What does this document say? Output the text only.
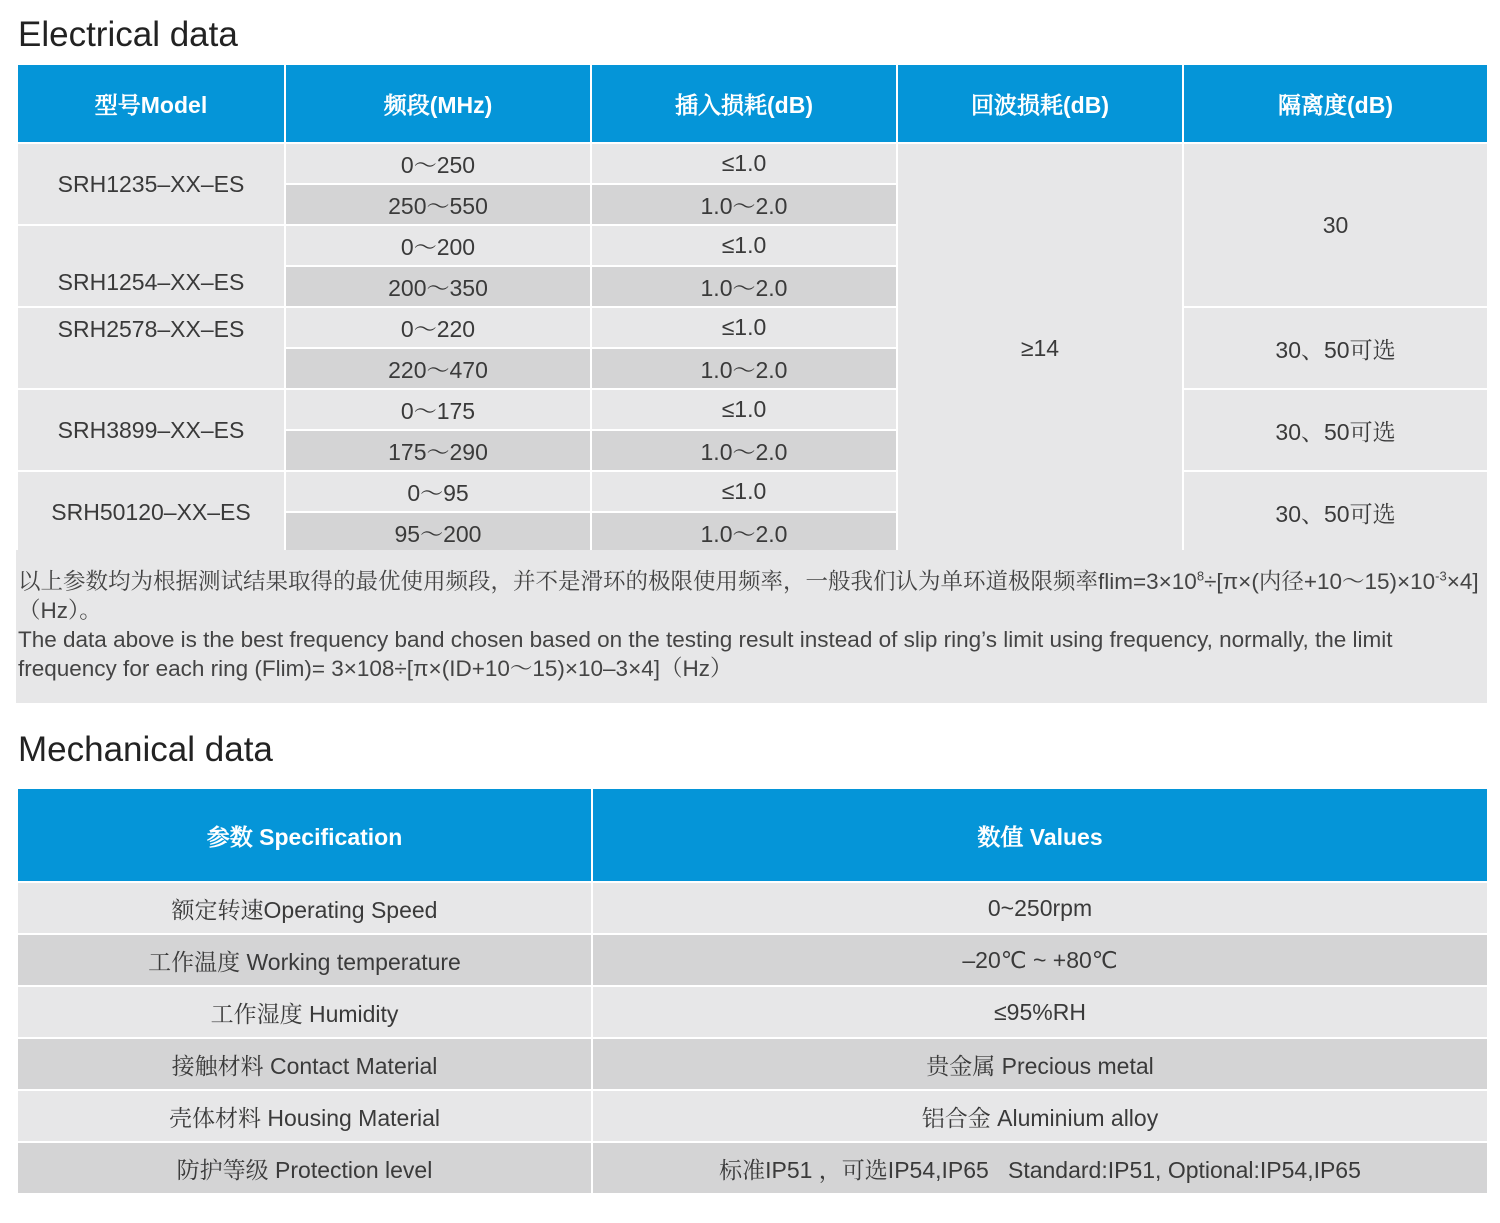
Electrical data
型号Model	频段(MHz)	插入损耗(dB)	回波损耗(dB)	隔离度(dB)
SRH1235–XX–ES	0～250	≤1.0	≥14	30
	250～550	1.0～2.0		
SRH1254–XX–ES	0～200	≤1.0		
	200～350	1.0～2.0		
SRH2578–XX–ES	0～220	≤1.0		30、50可选
	220～470	1.0～2.0		
SRH3899–XX–ES	0～175	≤1.0		30、50可选
	175～290	1.0～2.0		
SRH50120–XX–ES	0～95	≤1.0		30、50可选
	95～200	1.0～2.0		

以上参数均为根据测试结果取得的最优使用频段，并不是滑环的极限使用频率，一般我们认为单环道极限频率$flim=3\times 10^8\div[\pi\times$(内径$+10\sim 15)\times 10^{-3}\times 4](Hz)$。

The data above is the best frequency band chosen based on the testing result instead of slip ring’s limit using frequency, normally, the limit frequency for each ring (Flim)= 3×108÷[π×(ID+10～15)×10–3×4]（Hz）

Mechanical data
参数 Specification	数值 Values
额定转速Operating Speed	0~250rpm
工作温度 Working temperature	–20℃ ~ +80℃
工作湿度 Humidity	≤95%RH
接触材料 Contact Material	贵金属 Precious metal
壳体材料 Housing Material	铝合金 Aluminium alloy
防护等级 Protection level	标准IP51 ，可选IP54,IP65   Standard:IP51, Optional:IP54,IP65
